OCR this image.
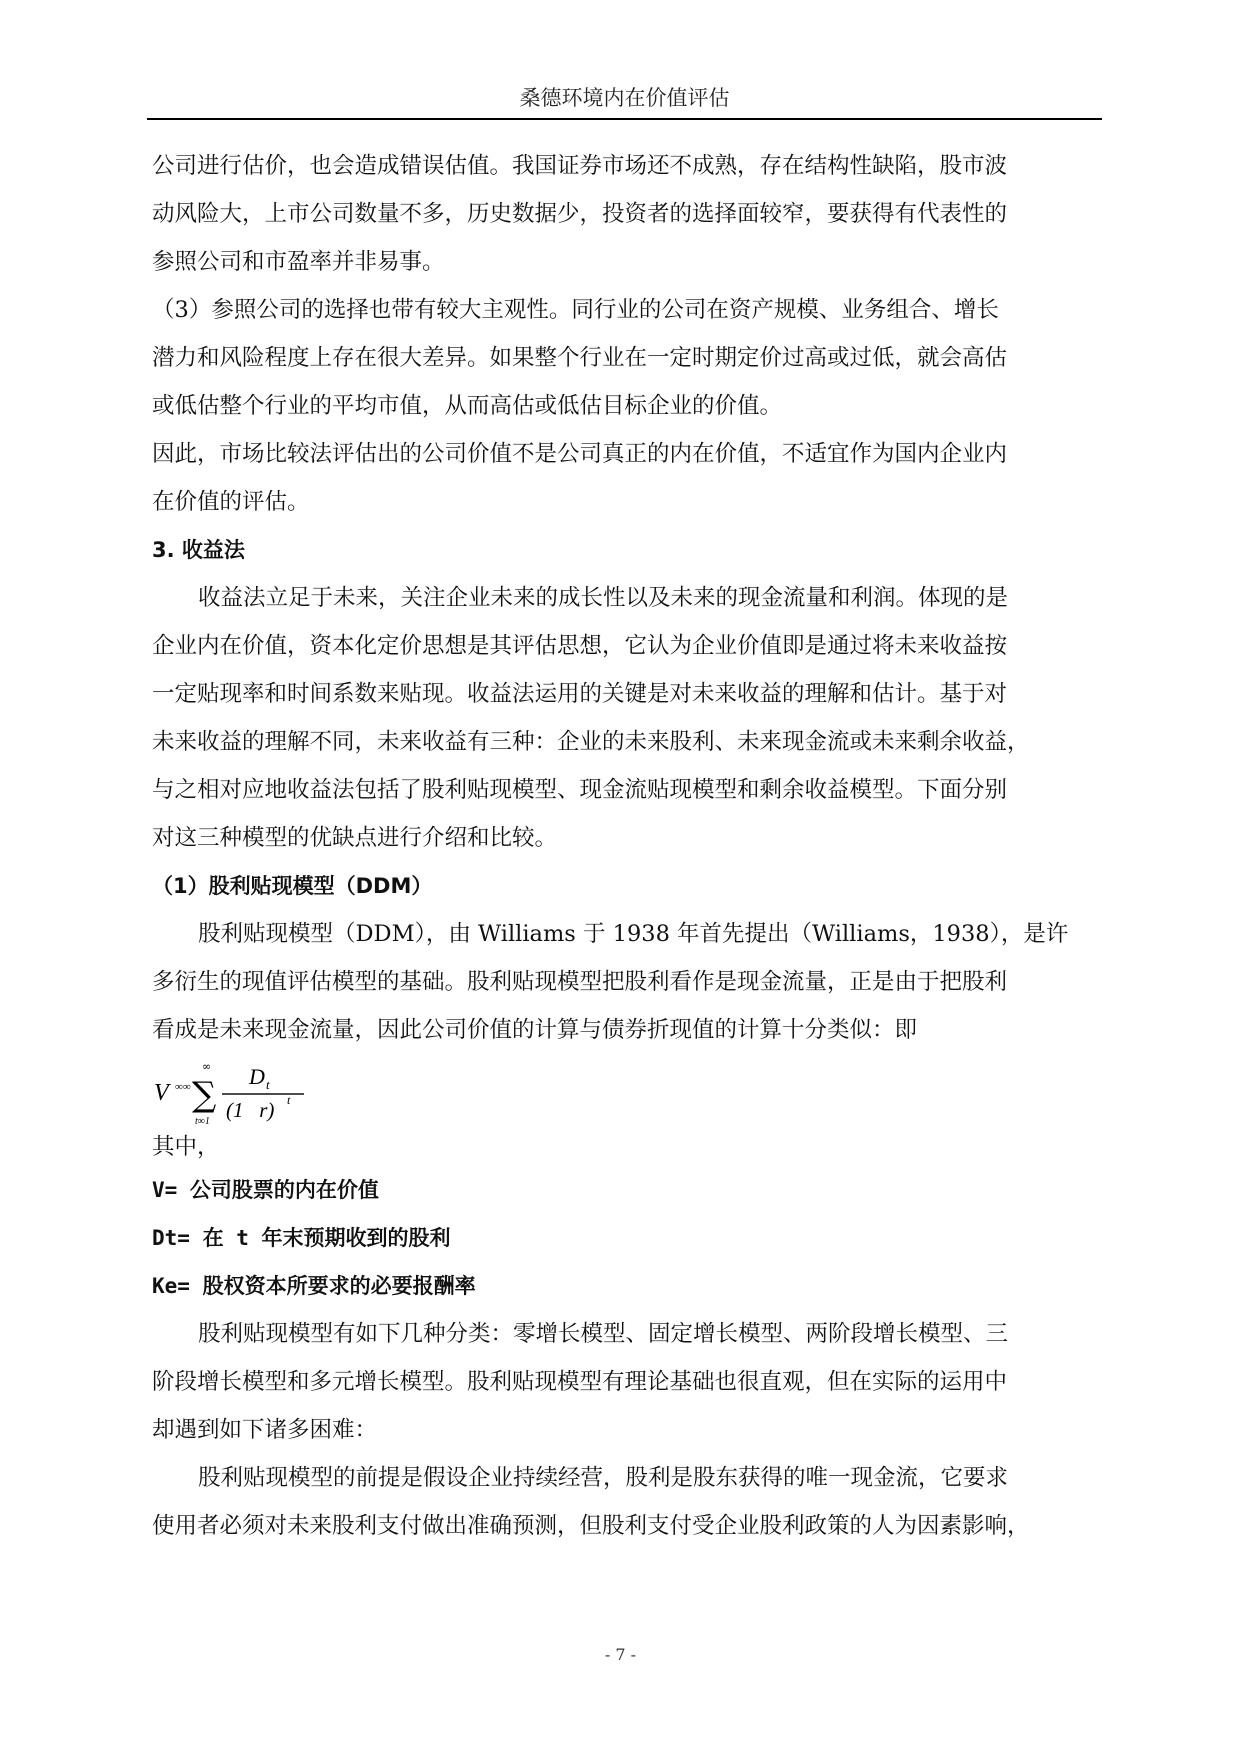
桑德环境内在价值评估
公司进行估价，也会造成错误估值。我国证券市场还不成熟，存在结构性缺陷，股市波
动风险大，上市公司数量不多，历史数据少，投资者的选择面较窄，要获得有代表性的
参照公司和市盈率并非易事。
（3）参照公司的选择也带有较大主观性。同行业的公司在资产规模、业务组合、增长
潜力和风险程度上存在很大差异。如果整个行业在一定时期定价过高或过低，就会高估
或低估整个行业的平均市值，从而高估或低估目标企业的价值。
因此，市场比较法评估出的公司价值不是公司真正的内在价值，不适宜作为国内企业内
在价值的评估。
3. 收益法
收益法立足于未来，关注企业未来的成长性以及未来的现金流量和利润。体现的是
企业内在价值，资本化定价思想是其评估思想，它认为企业价值即是通过将未来收益按
一定贴现率和时间系数来贴现。收益法运用的关键是对未来收益的理解和估计。基于对
未来收益的理解不同，未来收益有三种：企业的未来股利、未来现金流或未来剩余收益，
与之相对应地收益法包括了股利贴现模型、现金流贴现模型和剩余收益模型。下面分别
对这三种模型的优缺点进行介绍和比较。
（1）股利贴现模型（DDM）
股利贴现模型（DDM），由 Williams 于 1938 年首先提出（Williams，1938），是许
多衍生的现值评估模型的基础。股利贴现模型把股利看作是现金流量，正是由于把股利
看成是未来现金流量，因此公司价值的计算与债券折现值的计算十分类似：即
V ∞∞
∞
∑
t∞1
D t
(1   r) t
其中，
V= 公司股票的内在价值
Dt= 在 t 年末预期收到的股利
Ke= 股权资本所要求的必要报酬率
股利贴现模型有如下几种分类：零增长模型、固定增长模型、两阶段增长模型、三
阶段增长模型和多元增长模型。股利贴现模型有理论基础也很直观，但在实际的运用中
却遇到如下诸多困难：
股利贴现模型的前提是假设企业持续经营，股利是股东获得的唯一现金流，它要求
使用者必须对未来股利支付做出准确预测，但股利支付受企业股利政策的人为因素影响，
- 7 -
